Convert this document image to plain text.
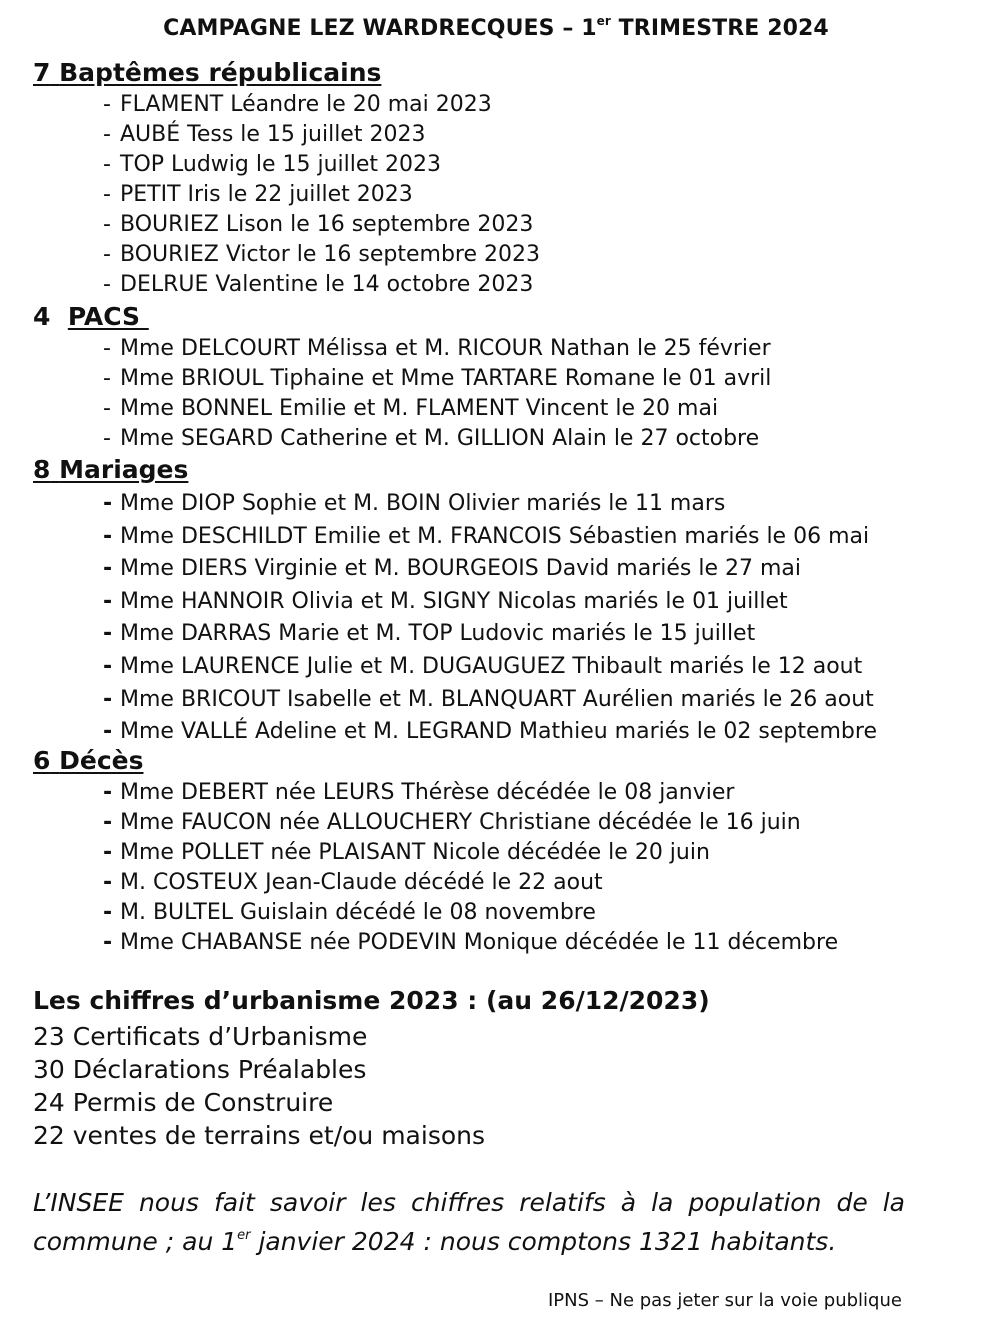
CAMPAGNE LEZ WARDRECQUES – 1er TRIMESTRE 2024
7 Baptêmes républicains
- FLAMENT Léandre le 20 mai 2023
- AUBÉ Tess le 15 juillet 2023
- TOP Ludwig le 15 juillet 2023
- PETIT Iris le 22 juillet 2023
- BOURIEZ Lison le 16 septembre 2023
- BOURIEZ Victor le 16 septembre 2023
- DELRUE Valentine le 14 octobre 2023
4 PACS
- Mme DELCOURT Mélissa et M. RICOUR Nathan le 25 février
- Mme BRIOUL Tiphaine et Mme TARTARE Romane le 01 avril
- Mme BONNEL Emilie et M. FLAMENT Vincent le 20 mai
- Mme SEGARD Catherine et M. GILLION Alain le 27 octobre
8 Mariages
- Mme DIOP Sophie et M. BOIN Olivier mariés le 11 mars
- Mme DESCHILDT Emilie et M. FRANCOIS Sébastien mariés le 06 mai
- Mme DIERS Virginie et M. BOURGEOIS David mariés le 27 mai
- Mme HANNOIR Olivia et M. SIGNY Nicolas mariés le 01 juillet
- Mme DARRAS Marie et M. TOP Ludovic mariés le 15 juillet
- Mme LAURENCE Julie et M. DUGAUGUEZ Thibault mariés le 12 aout
- Mme BRICOUT Isabelle et M. BLANQUART Aurélien mariés le 26 aout
- Mme VALLÉ Adeline et M. LEGRAND Mathieu mariés le 02 septembre
6 Décès
- Mme DEBERT née LEURS Thérèse décédée le 08 janvier
- Mme FAUCON née ALLOUCHERY Christiane décédée le 16 juin
- Mme POLLET née PLAISANT Nicole décédée le 20 juin
- M. COSTEUX Jean-Claude décédé le 22 aout
- M. BULTEL Guislain décédé le 08 novembre
- Mme CHABANSE née PODEVIN Monique décédée le 11 décembre
Les chiffres d’urbanisme 2023 : (au 26/12/2023)
23 Certificats d’Urbanisme
30 Déclarations Préalables
24 Permis de Construire
22 ventes de terrains et/ou maisons
L’INSEE nous fait savoir les chiffres relatifs à la population de la
commune ; au 1er janvier 2024 : nous comptons 1321 habitants.
IPNS – Ne pas jeter sur la voie publique
